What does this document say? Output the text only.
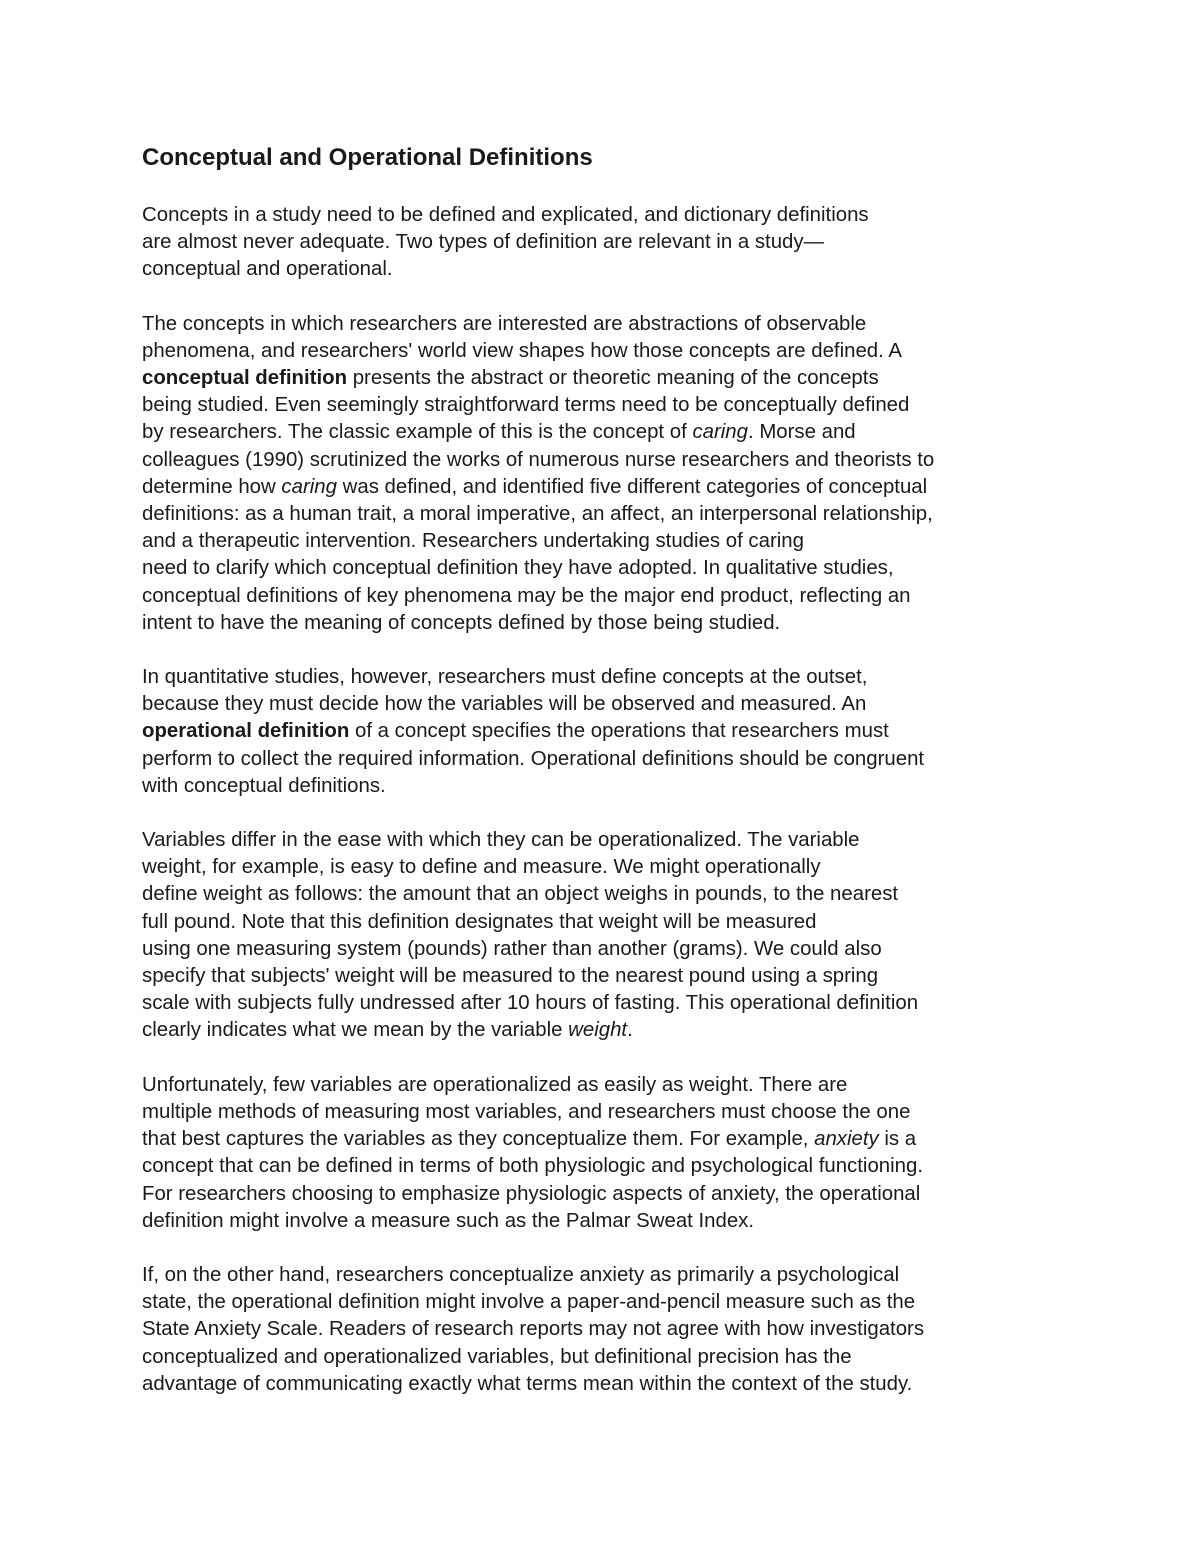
Conceptual and Operational Definitions

Concepts in a study need to be defined and explicated, and dictionary definitions
are almost never adequate. Two types of definition are relevant in a study—
conceptual and operational.

The concepts in which researchers are interested are abstractions of observable
phenomena, and researchers' world view shapes how those concepts are defined. A
conceptual definition presents the abstract or theoretic meaning of the concepts
being studied. Even seemingly straightforward terms need to be conceptually defined
by researchers. The classic example of this is the concept of caring. Morse and
colleagues (1990) scrutinized the works of numerous nurse researchers and theorists to
determine how caring was defined, and identified five different categories of conceptual
definitions: as a human trait, a moral imperative, an affect, an interpersonal relationship,
and a therapeutic intervention. Researchers undertaking studies of caring
need to clarify which conceptual definition they have adopted. In qualitative studies,
conceptual definitions of key phenomena may be the major end product, reflecting an
intent to have the meaning of concepts defined by those being studied.

In quantitative studies, however, researchers must define concepts at the outset,
because they must decide how the variables will be observed and measured. An
operational definition of a concept specifies the operations that researchers must
perform to collect the required information. Operational definitions should be congruent
with conceptual definitions.

Variables differ in the ease with which they can be operationalized. The variable
weight, for example, is easy to define and measure. We might operationally
define weight as follows: the amount that an object weighs in pounds, to the nearest
full pound. Note that this definition designates that weight will be measured
using one measuring system (pounds) rather than another (grams). We could also
specify that subjects' weight will be measured to the nearest pound using a spring
scale with subjects fully undressed after 10 hours of fasting. This operational definition
clearly indicates what we mean by the variable weight.

Unfortunately, few variables are operationalized as easily as weight. There are
multiple methods of measuring most variables, and researchers must choose the one
that best captures the variables as they conceptualize them. For example, anxiety is a
concept that can be defined in terms of both physiologic and psychological functioning.
For researchers choosing to emphasize physiologic aspects of anxiety, the operational
definition might involve a measure such as the Palmar Sweat Index.

If, on the other hand, researchers conceptualize anxiety as primarily a psychological
state, the operational definition might involve a paper-and-pencil measure such as the
State Anxiety Scale. Readers of research reports may not agree with how investigators
conceptualized and operationalized variables, but definitional precision has the
advantage of communicating exactly what terms mean within the context of the study.
